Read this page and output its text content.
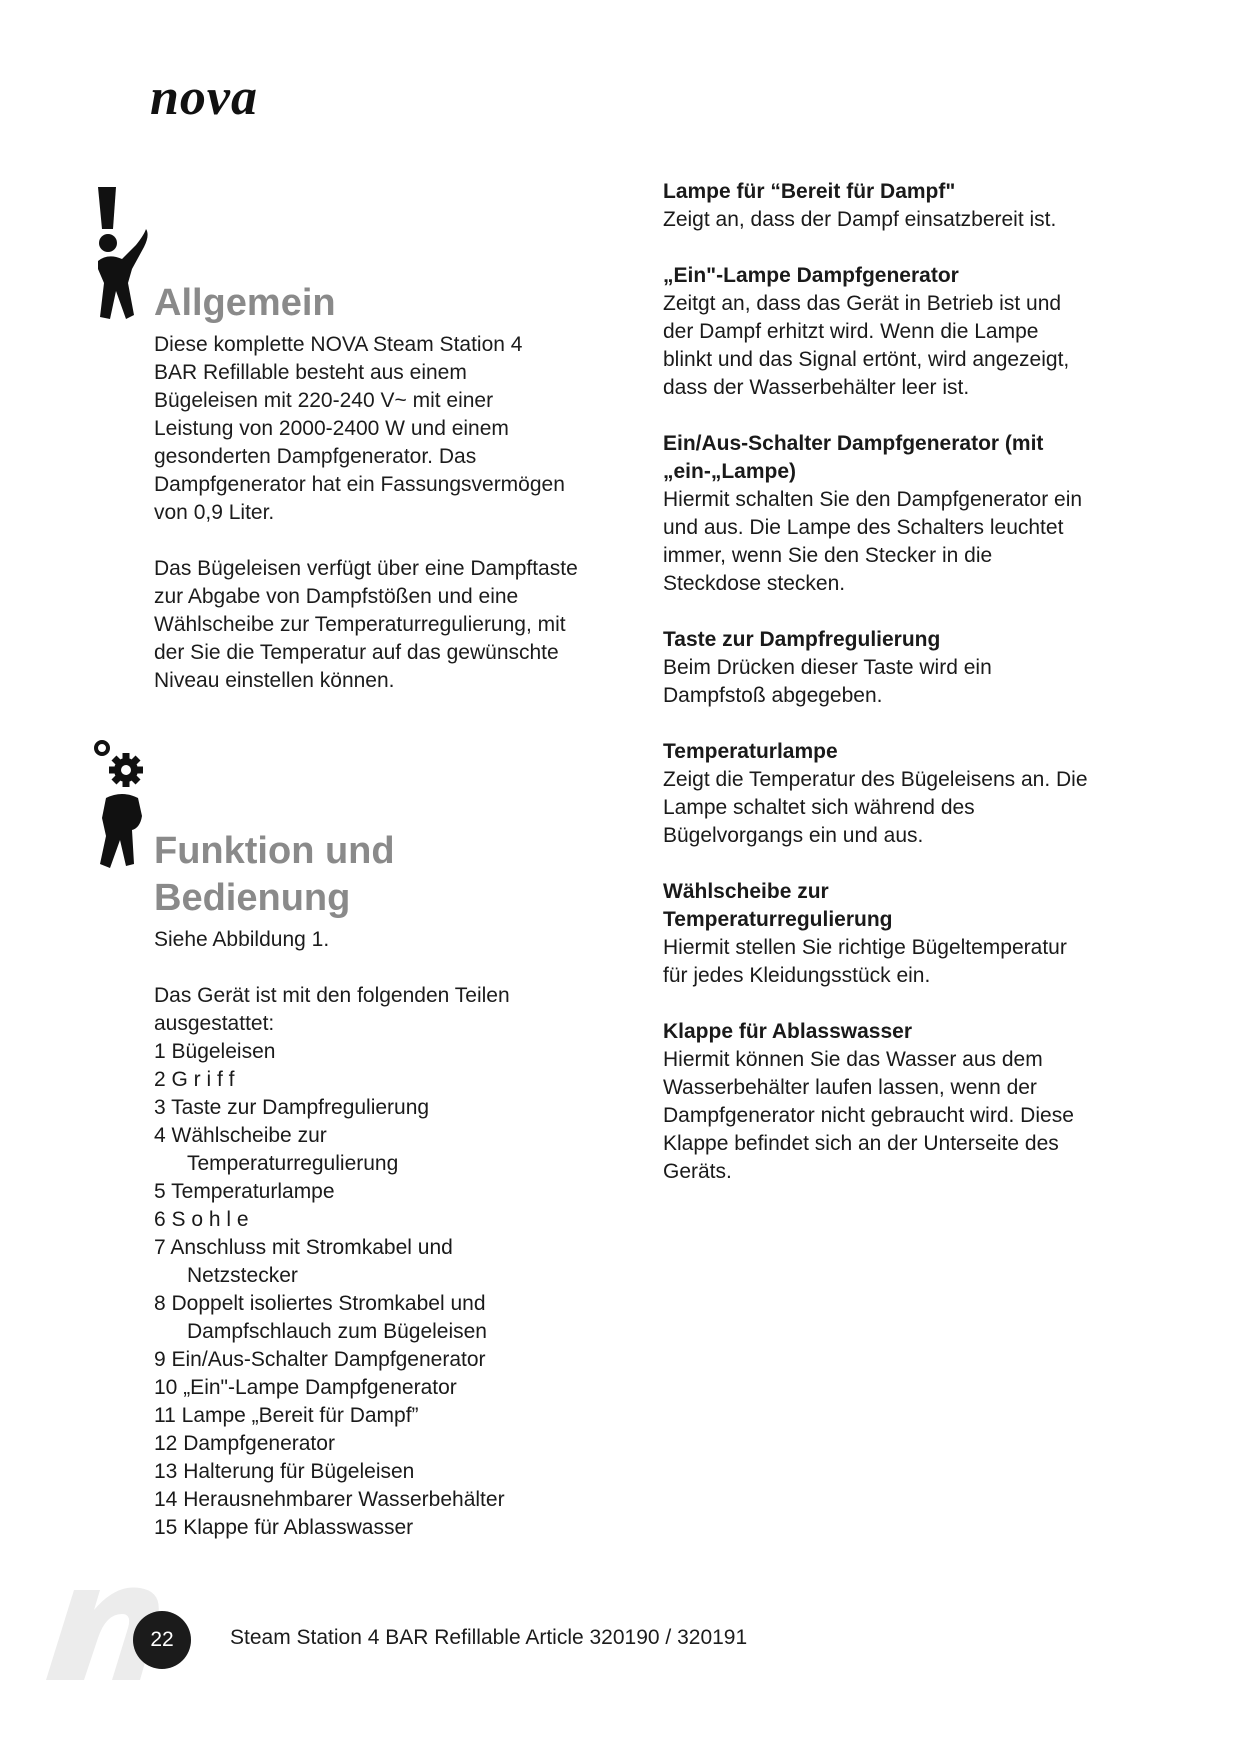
nova
Allgemein

Diese komplette NOVA Steam Station 4 BAR Refillable besteht aus einem Bügeleisen mit 220-240 V~ mit einer Leistung von 2000-2400 W und einem gesonderten Dampfgenerator. Das Dampfgenerator hat ein Fassungsvermögen von 0,9 Liter.

Das Bügeleisen verfügt über eine Dampftaste zur Abgabe von Dampfstößen und eine Wählscheibe zur Temperaturregulierung, mit der Sie die Temperatur auf das gewünschte Niveau einstellen können.

Funktion und
Bedienung

Siehe Abbildung 1.

Das Gerät ist mit den folgenden Teilen ausgestattet:

1 Bügeleisen
2 G r i f f
3 Taste zur Dampfregulierung
4 Wählscheibe zur Temperaturregulierung
5 Temperaturlampe
6 S o h l e
7 Anschluss mit Stromkabel und Netzstecker
8 Doppelt isoliertes Stromkabel und Dampfschlauch zum Bügeleisen
9 Ein/Aus-Schalter Dampfgenerator
10 „Ein"-Lampe Dampfgenerator
11 Lampe „Bereit für Dampf”
12 Dampfgenerator
13 Halterung für Bügeleisen
14 Herausnehmbarer Wasserbehälter
15 Klappe für Ablasswasser

Lampe für “Bereit für Dampf"

Zeigt an, dass der Dampf einsatzbereit ist.

„Ein"-Lampe Dampfgenerator

Zeitgt an, dass das Gerät in Betrieb ist und der Dampf erhitzt wird. Wenn die Lampe blinkt und das Signal ertönt, wird angezeigt, dass der Wasserbehälter leer ist.

Ein/Aus-Schalter Dampfgenerator (mit „ein-„Lampe)

Hiermit schalten Sie den Dampfgenerator ein und aus. Die Lampe des Schalters leuchtet immer, wenn Sie den Stecker in die Steckdose stecken.

Taste zur Dampfregulierung

Beim Drücken dieser Taste wird ein Dampfstoß abgegeben.

Temperaturlampe

Zeigt die Temperatur des Bügeleisens an. Die Lampe schaltet sich während des Bügelvorgangs ein und aus.

Wählscheibe zur Temperaturregulierung

Hiermit stellen Sie richtige Bügeltemperatur für jedes Kleidungsstück ein.

Klappe für Ablasswasser

Hiermit können Sie das Wasser aus dem Wasserbehälter laufen lassen, wenn der Dampfgenerator nicht gebraucht wird. Diese Klappe befindet sich an der Unterseite des Geräts.

22	Steam Station 4 BAR Refillable Article 320190 / 320191
